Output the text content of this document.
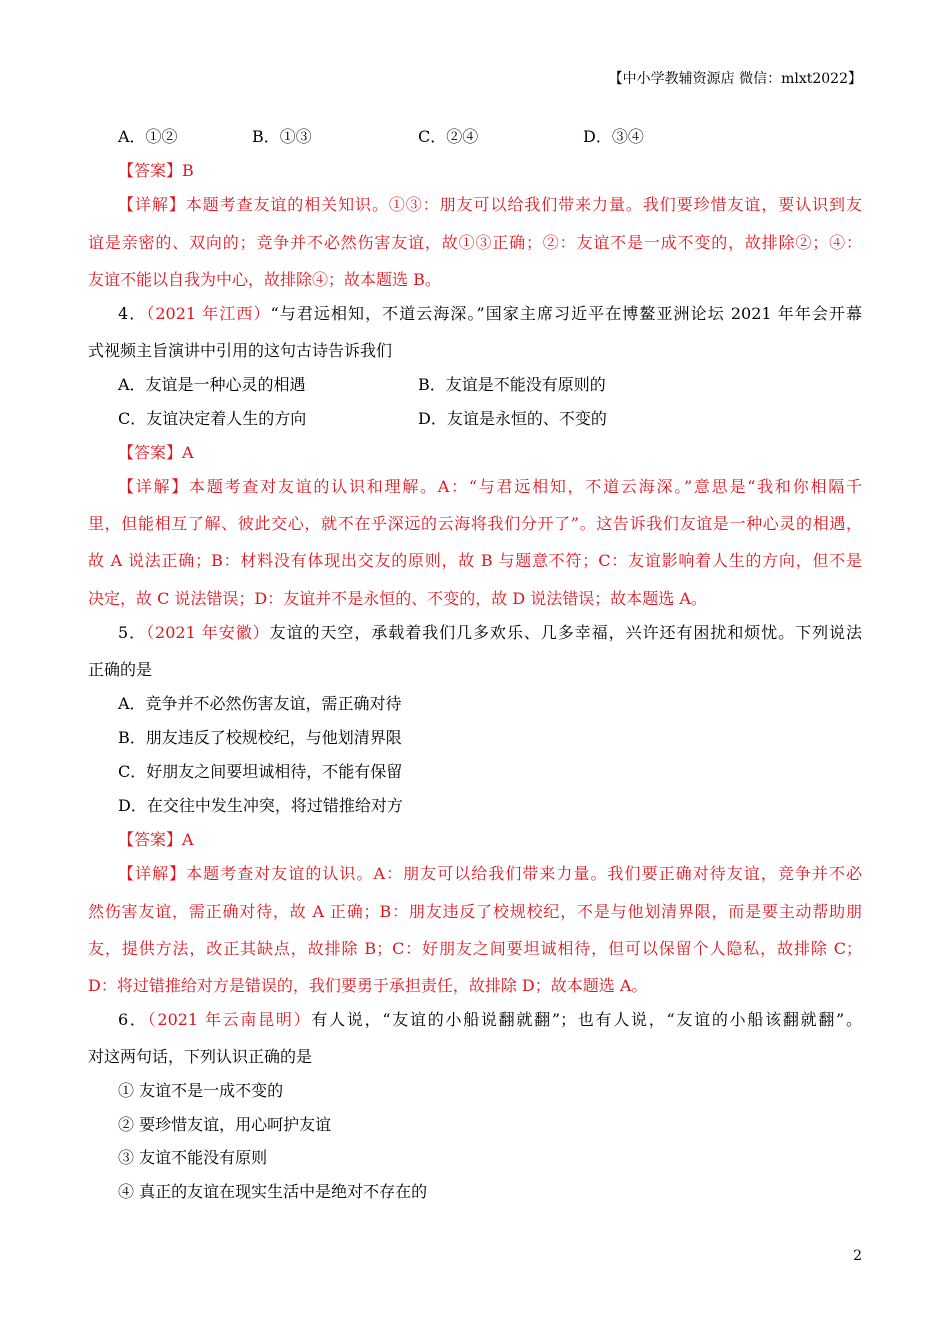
【中小学教辅资源店 微信：mlxt2022】
A．①②	B．①③	C．②④	D．③④
【答案】B
【详解】本题考查友谊的相关知识。①③：朋友可以给我们带来力量。我们要珍惜友谊，要认识到友
谊是亲密的、双向的；竞争并不必然伤害友谊，故①③正确；②：友谊不是一成不变的，故排除②；④：
友谊不能以自我为中心，故排除④；故本题选 B。
4．（2021 年江西）“与君远相知，不道云海深。”国家主席习近平在博鳌亚洲论坛 2021 年年会开幕
式视频主旨演讲中引用的这句古诗告诉我们
A．友谊是一种心灵的相遇	B．友谊是不能没有原则的
C．友谊决定着人生的方向	D．友谊是永恒的、不变的
【答案】A
【详解】本题考查对友谊的认识和理解。A：“与君远相知，不道云海深。”意思是“我和你相隔千
里，但能相互了解、彼此交心，就不在乎深远的云海将我们分开了”。这告诉我们友谊是一种心灵的相遇，
故 A 说法正确；B：材料没有体现出交友的原则，故 B 与题意不符；C：友谊影响着人生的方向，但不是
决定，故 C 说法错误；D：友谊并不是永恒的、不变的，故 D 说法错误；故本题选 A。
5．（2021 年安徽）友谊的天空，承载着我们几多欢乐、几多幸福，兴许还有困扰和烦忧。下列说法
正确的是
A．竞争并不必然伤害友谊，需正确对待
B．朋友违反了校规校纪，与他划清界限
C．好朋友之间要坦诚相待，不能有保留
D．在交往中发生冲突，将过错推给对方
【答案】A
【详解】本题考查对友谊的认识。A：朋友可以给我们带来力量。我们要正确对待友谊，竞争并不必
然伤害友谊，需正确对待，故 A 正确；B：朋友违反了校规校纪，不是与他划清界限，而是要主动帮助朋
友，提供方法，改正其缺点，故排除 B；C：好朋友之间要坦诚相待，但可以保留个人隐私，故排除 C；
D：将过错推给对方是错误的，我们要勇于承担责任，故排除 D；故本题选 A。
6．（2021 年云南昆明）有人说，“友谊的小船说翻就翻”；也有人说，“友谊的小船该翻就翻”。
对这两句话，下列认识正确的是
① 友谊不是一成不变的
② 要珍惜友谊，用心呵护友谊
③ 友谊不能没有原则
④ 真正的友谊在现实生活中是绝对不存在的
2
